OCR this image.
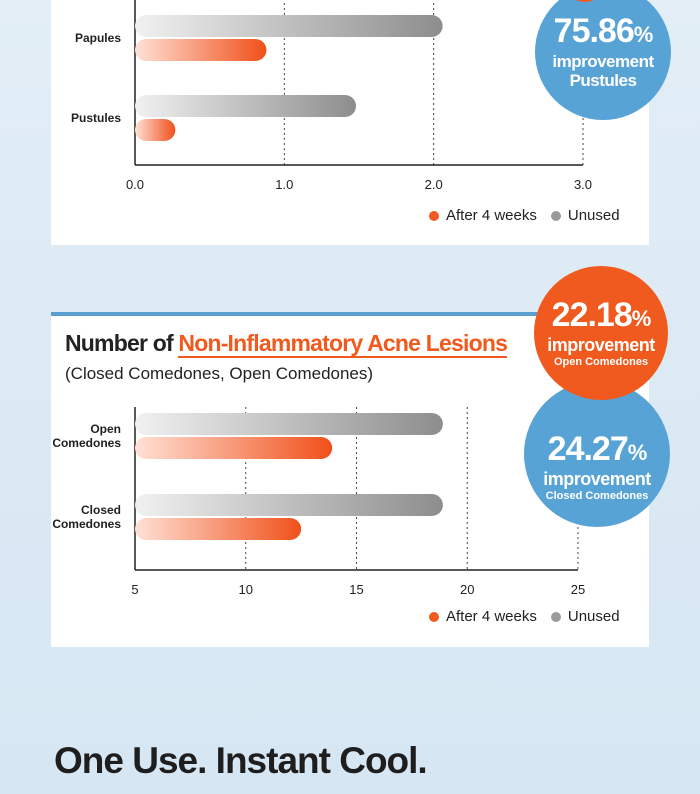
0.0	1.0	2.0	3.0
Papules
Pustules
After 4 weeks Unused
Number of Non-Inflammatory Acne Lesions
(Closed Comedones, Open Comedones)
5	10	15	20	25
Open Comedones
Closed Comedones
After 4 weeks Unused
75.86%
improvement
Pustules
24.27%
improvement
Closed Comedones
22.18%
improvement
Open Comedones
One Use. Instant Cool.
